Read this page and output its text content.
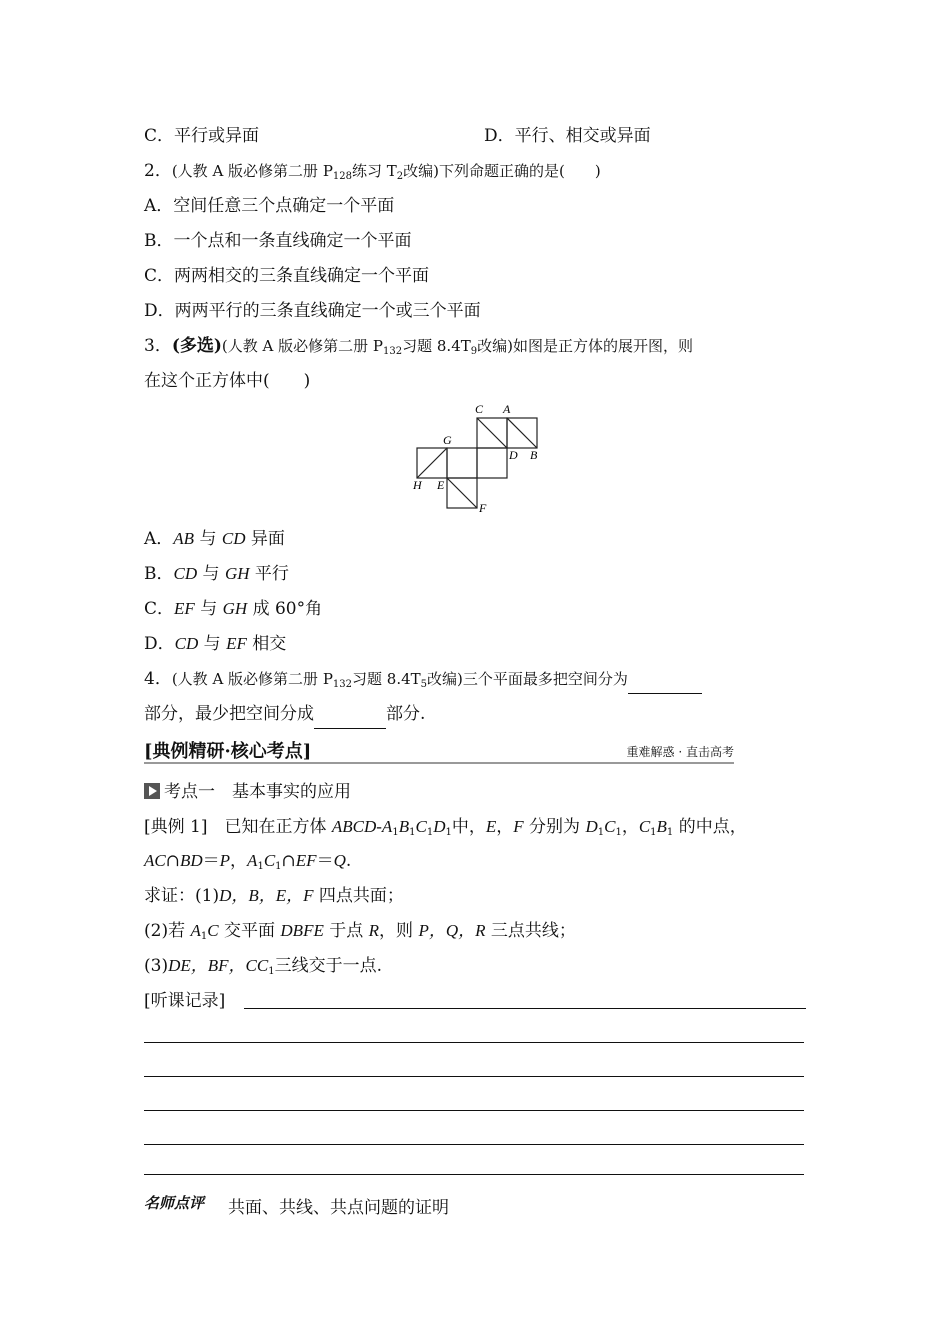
C．平行或异面	D．平行、相交或异面
2．(人教 A 版必修第二册 $P_{128}$练习 $T_2$改编)下列命题正确的是(　　)
A．空间任意三个点确定一个平面
B．一个点和一条直线确定一个平面
C．两两相交的三条直线确定一个平面
D．两两平行的三条直线确定一个或三个平面
3．(多选)(人教 A 版必修第二册 $P_{132}$习题 $8.4T_9$改编)如图是正方体的展开图，则
在这个正方体中(　　)
C A
G
D B
H E
F
A．AB 与 CD 异面
B．CD 与 GH 平行
C．EF 与 GH 成 60°角
D．CD 与 EF 相交
4．(人教 A 版必修第二册 $P_{132}$习题 $8.4T_5$改编)三个平面最多把空间分为
部分，最少把空间分成	部分.
[典例精研·核心考点]	重难解惑 · 直击高考
考点一　基本事实的应用
[典例 1]　已知在正方体 ABCD-$A_1B_1C_1D_1$中，E，F 分别为 $D_1C_1$，$C_1B_1$ 的中点，
AC∩BD＝P，$A_1C_1\cap EF=Q$.
求证：(1)D，B，E，F 四点共面；
(2)若 $A_1C$ 交平面 DBFE 于点 R，则 P，Q，R 三点共线；
(3)DE，BF，$CC_1$三线交于一点.
[听课记录]
名师点评 共面、共线、共点问题的证明
